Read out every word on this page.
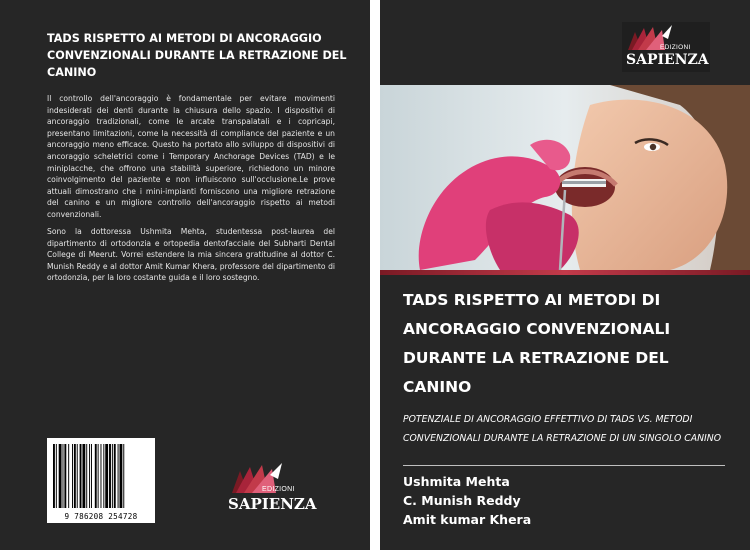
TADS RISPETTO AI METODI DI ANCORAGGIO CONVENZIONALI DURANTE LA RETRAZIONE DEL CANINO

Il controllo dell'ancoraggio è fondamentale per evitare movimenti indesiderati dei denti durante la chiusura dello spazio. I dispositivi di ancoraggio tradizionali, come le arcate transpalatali e i copricapi, presentano limitazioni, come la necessità di compliance del paziente e un ancoraggio meno efficace. Questo ha portato allo sviluppo di dispositivi di ancoraggio scheletrici come i Temporary Anchorage Devices (TAD) e le miniplacche, che offrono una stabilità superiore, richiedono un minore coinvolgimento del paziente e non influiscono sull'occlusione.Le prove attuali dimostrano che i mini-impianti forniscono una migliore retrazione del canino e un migliore controllo dell'ancoraggio rispetto ai metodi convenzionali.

Sono la dottoressa Ushmita Mehta, studentessa post-laurea del dipartimento di ortodonzia e ortopedia dentofacciale del Subharti Dental College di Meerut. Vorrei estendere la mia sincera gratitudine al dottor C. Munish Reddy e al dottor Amit Kumar Khera, professore del dipartimento di ortodonzia, per la loro costante guida e il loro sostegno.

9 786208 254728
EDIZIONI
SAPIENZA
EDIZIONI
SAPIENZA
TADS RISPETTO AI METODI DI ANCORAGGIO CONVENZIONALI DURANTE LA RETRAZIONE DEL CANINO

POTENZIALE DI ANCORAGGIO EFFETTIVO DI TADS VS. METODI CONVENZIONALI DURANTE LA RETRAZIONE DI UN SINGOLO CANINO

Ushmita Mehta
C. Munish Reddy
Amit kumar Khera
